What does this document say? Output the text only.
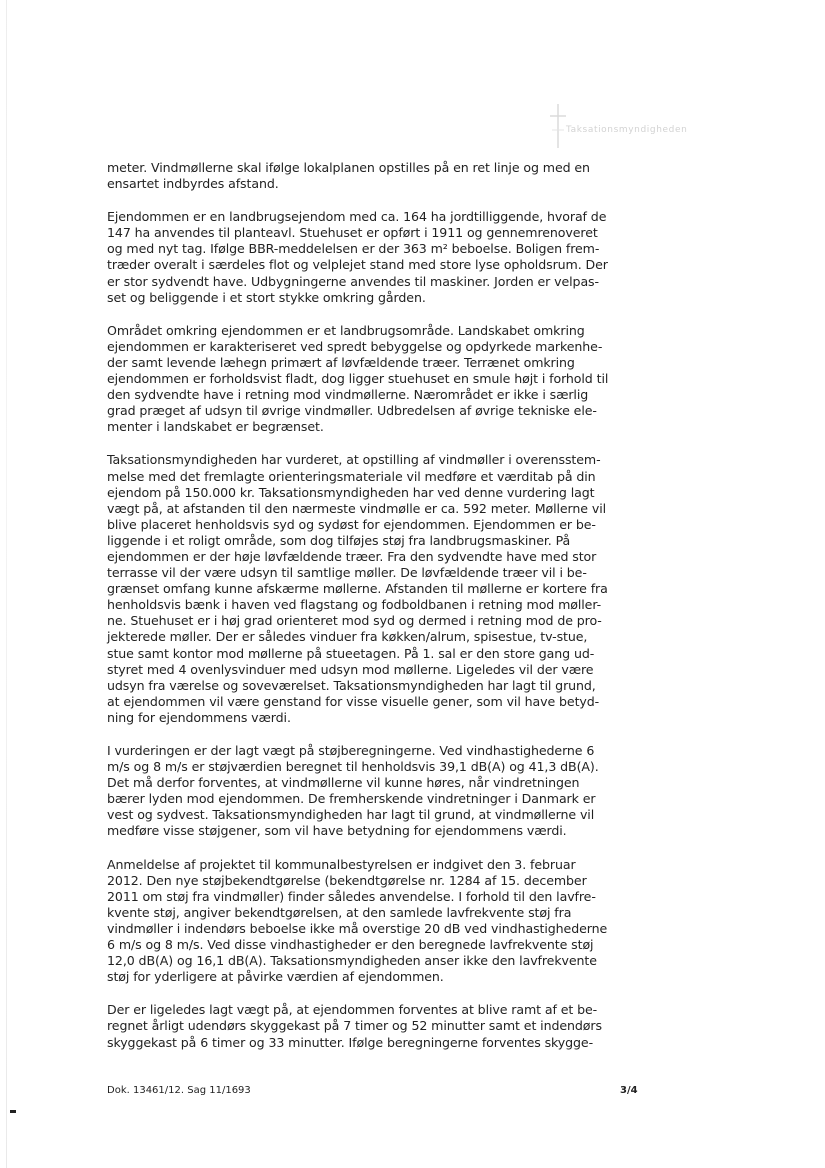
Taksationsmyndigheden

meter. Vindmøllerne skal ifølge lokalplanen opstilles på en ret linje og med en
ensartet indbyrdes afstand.

Ejendommen er en landbrugsejendom med ca. 164 ha jordtilliggende, hvoraf de
147 ha anvendes til planteavl. Stuehuset er opført i 1911 og gennemrenoveret
og med nyt tag. Ifølge BBR-meddelelsen er der 363 m² beboelse. Boligen frem-
træder overalt i særdeles flot og velplejet stand med store lyse opholdsrum. Der
er stor sydvendt have. Udbygningerne anvendes til maskiner. Jorden er velpas-
set og beliggende i et stort stykke omkring gården.

Området omkring ejendommen er et landbrugsområde. Landskabet omkring
ejendommen er karakteriseret ved spredt bebyggelse og opdyrkede markenhe-
der samt levende læhegn primært af løvfældende træer. Terrænet omkring
ejendommen er forholdsvist fladt, dog ligger stuehuset en smule højt i forhold til
den sydvendte have i retning mod vindmøllerne. Nærområdet er ikke i særlig
grad præget af udsyn til øvrige vindmøller. Udbredelsen af øvrige tekniske ele-
menter i landskabet er begrænset.

Taksationsmyndigheden har vurderet, at opstilling af vindmøller i overensstem-
melse med det fremlagte orienteringsmateriale vil medføre et værditab på din
ejendom på 150.000 kr. Taksationsmyndigheden har ved denne vurdering lagt
vægt på, at afstanden til den nærmeste vindmølle er ca. 592 meter. Møllerne vil
blive placeret henholdsvis syd og sydøst for ejendommen. Ejendommen er be-
liggende i et roligt område, som dog tilføjes støj fra landbrugsmaskiner. På
ejendommen er der høje løvfældende træer. Fra den sydvendte have med stor
terrasse vil der være udsyn til samtlige møller. De løvfældende træer vil i be-
grænset omfang kunne afskærme møllerne. Afstanden til møllerne er kortere fra
henholdsvis bænk i haven ved flagstang og fodboldbanen i retning mod møller-
ne. Stuehuset er i høj grad orienteret mod syd og dermed i retning mod de pro-
jekterede møller. Der er således vinduer fra køkken/alrum, spisestue, tv-stue,
stue samt kontor mod møllerne på stueetagen. På 1. sal er den store gang ud-
styret med 4 ovenlysvinduer med udsyn mod møllerne. Ligeledes vil der være
udsyn fra værelse og soveværelset. Taksationsmyndigheden har lagt til grund,
at ejendommen vil være genstand for visse visuelle gener, som vil have betyd-
ning for ejendommens værdi.

I vurderingen er der lagt vægt på støjberegningerne. Ved vindhastighederne 6
m/s og 8 m/s er støjværdien beregnet til henholdsvis 39,1 dB(A) og 41,3 dB(A).
Det må derfor forventes, at vindmøllerne vil kunne høres, når vindretningen
bærer lyden mod ejendommen. De fremherskende vindretninger i Danmark er
vest og sydvest. Taksationsmyndigheden har lagt til grund, at vindmøllerne vil
medføre visse støjgener, som vil have betydning for ejendommens værdi.

Anmeldelse af projektet til kommunalbestyrelsen er indgivet den 3. februar
2012. Den nye støjbekendtgørelse (bekendtgørelse nr. 1284 af 15. december
2011 om støj fra vindmøller) finder således anvendelse. I forhold til den lavfre-
kvente støj, angiver bekendtgørelsen, at den samlede lavfrekvente støj fra
vindmøller i indendørs beboelse ikke må overstige 20 dB ved vindhastighederne
6 m/s og 8 m/s. Ved disse vindhastigheder er den beregnede lavfrekvente støj
12,0 dB(A) og 16,1 dB(A). Taksationsmyndigheden anser ikke den lavfrekvente
støj for yderligere at påvirke værdien af ejendommen.

Der er ligeledes lagt vægt på, at ejendommen forventes at blive ramt af et be-
regnet årligt udendørs skyggekast på 7 timer og 52 minutter samt et indendørs
skyggekast på 6 timer og 33 minutter. Ifølge beregningerne forventes skygge-

Dok. 13461/12. Sag 11/1693	3/4
